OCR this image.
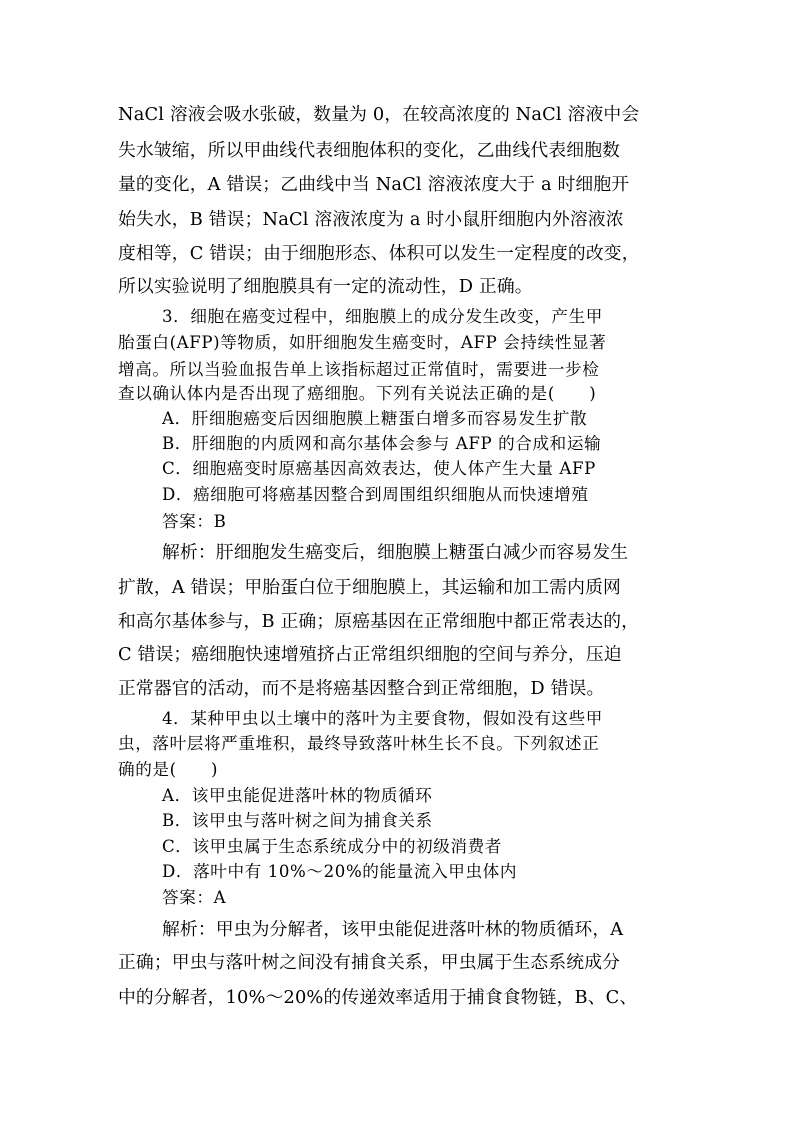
NaCl 溶液会吸水张破，数量为 0，在较高浓度的 NaCl 溶液中会
失水皱缩，所以甲曲线代表细胞体积的变化，乙曲线代表细胞数
量的变化，A 错误；乙曲线中当 NaCl 溶液浓度大于 a 时细胞开
始失水，B 错误；NaCl 溶液浓度为 a 时小鼠肝细胞内外溶液浓
度相等，C 错误；由于细胞形态、体积可以发生一定程度的改变，
所以实验说明了细胞膜具有一定的流动性，D 正确。
3．细胞在癌变过程中，细胞膜上的成分发生改变，产生甲
胎蛋白(AFP)等物质，如肝细胞发生癌变时，AFP 会持续性显著
增高。所以当验血报告单上该指标超过正常值时，需要进一步检
查以确认体内是否出现了癌细胞。下列有关说法正确的是(　　)
A．肝细胞癌变后因细胞膜上糖蛋白增多而容易发生扩散
B．肝细胞的内质网和高尔基体会参与 AFP 的合成和运输
C．细胞癌变时原癌基因高效表达，使人体产生大量 AFP
D．癌细胞可将癌基因整合到周围组织细胞从而快速增殖
答案：B
解析：肝细胞发生癌变后，细胞膜上糖蛋白减少而容易发生
扩散，A 错误；甲胎蛋白位于细胞膜上，其运输和加工需内质网
和高尔基体参与，B 正确；原癌基因在正常细胞中都正常表达的，
C 错误；癌细胞快速增殖挤占正常组织细胞的空间与养分，压迫
正常器官的活动，而不是将癌基因整合到正常细胞，D 错误。
4．某种甲虫以土壤中的落叶为主要食物，假如没有这些甲
虫，落叶层将严重堆积，最终导致落叶林生长不良。下列叙述正
确的是(　　)
A．该甲虫能促进落叶林的物质循环
B．该甲虫与落叶树之间为捕食关系
C．该甲虫属于生态系统成分中的初级消费者
D．落叶中有 10%～20%的能量流入甲虫体内
答案：A
解析：甲虫为分解者，该甲虫能促进落叶林的物质循环，A
正确；甲虫与落叶树之间没有捕食关系，甲虫属于生态系统成分
中的分解者，10%～20%的传递效率适用于捕食食物链，B、C、
